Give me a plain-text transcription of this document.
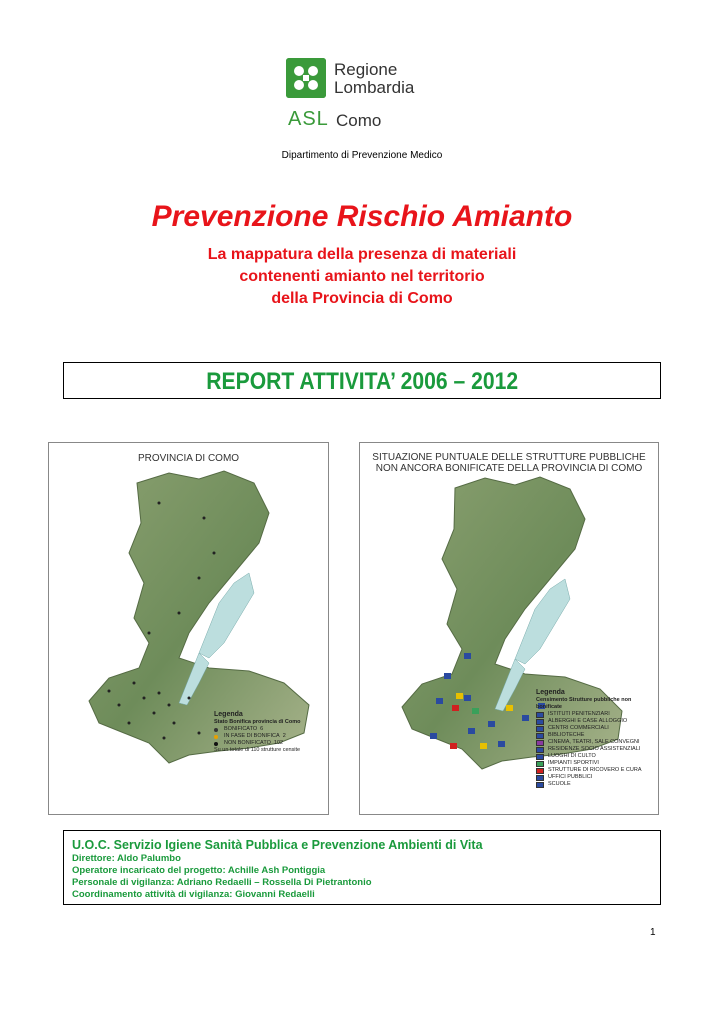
Regione
Lombardia
ASL Como
Dipartimento di Prevenzione Medico
Prevenzione Rischio Amianto
La mappatura della presenza di materiali
contenenti amianto nel territorio
della Provincia di Como
REPORT ATTIVITA’ 2006 – 2012
PROVINCIA DI COMO
Legenda
Stato Bonifica provincia di Como
BONIFICATO
6
IN FASE DI BONIFICA
2
NON BONIFICATO
102
Su un totale di 110 strutture censite
SITUAZIONE PUNTUALE DELLE STRUTTURE PUBBLICHE
NON ANCORA BONIFICATE DELLA PROVINCIA DI COMO
Legenda
Censimento Strutture pubbliche non bonificate
ISTITUTI PENITENZIARI
ALBERGHI E CASE ALLOGGIO
CENTRI COMMERCIALI
BIBLIOTECHE
CINEMA, TEATRI, SALE CONVEGNI
RESIDENZE SOCIO ASSISTENZIALI
LUOGHI DI CULTO
IMPIANTI SPORTIVI
STRUTTURE DI RICOVERO E CURA
UFFICI PUBBLICI
SCUOLE
U.O.C. Servizio Igiene Sanità Pubblica e Prevenzione Ambienti di Vita
Direttore: Aldo Palumbo
Operatore incaricato del progetto: Achille Ash Pontiggia
Personale di vigilanza: Adriano Redaelli – Rossella Di Pietrantonio
Coordinamento attività di vigilanza: Giovanni Redaelli
1
